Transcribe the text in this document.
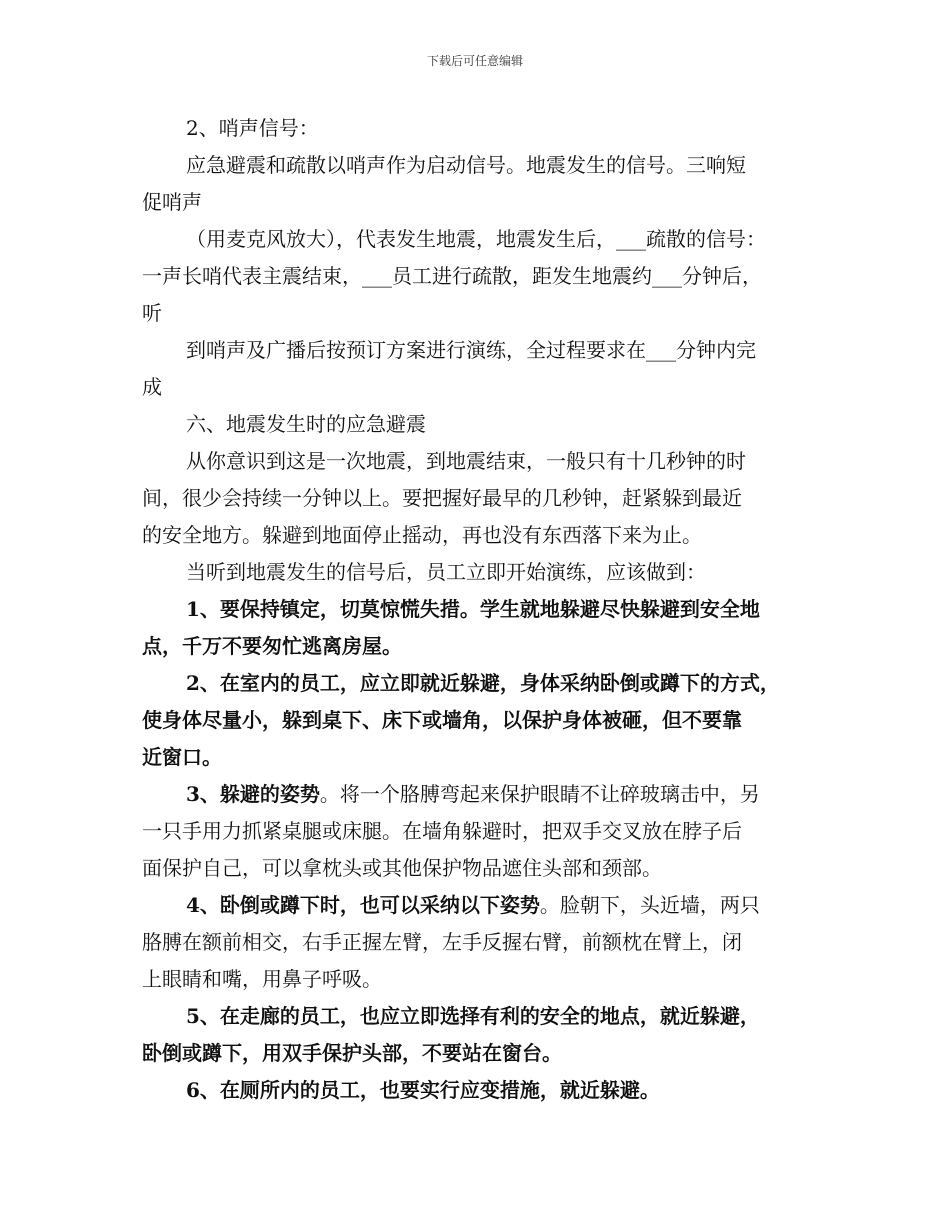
下载后可任意编辑
2、哨声信号：
应急避震和疏散以哨声作为启动信号。地震发生的信号。三响短
促哨声
（用麦克风放大），代表发生地震，地震发生后，___疏散的信号：
一声长哨代表主震结束，___员工进行疏散，距发生地震约___分钟后，
听
到哨声及广播后按预订方案进行演练，全过程要求在___分钟内完
成
六、地震发生时的应急避震
从你意识到这是一次地震，到地震结束，一般只有十几秒钟的时
间，很少会持续一分钟以上。要把握好最早的几秒钟，赶紧躲到最近
的安全地方。躲避到地面停止摇动，再也没有东西落下来为止。
当听到地震发生的信号后，员工立即开始演练，应该做到：
1、要保持镇定，切莫惊慌失措。学生就地躲避尽快躲避到安全地
点，千万不要匆忙逃离房屋。
2、在室内的员工，应立即就近躲避，身体采纳卧倒或蹲下的方式，
使身体尽量小，躲到桌下、床下或墙角，以保护身体被砸，但不要靠
近窗口。
3、躲避的姿势。将一个胳膊弯起来保护眼睛不让碎玻璃击中，另
一只手用力抓紧桌腿或床腿。在墙角躲避时，把双手交叉放在脖子后
面保护自己，可以拿枕头或其他保护物品遮住头部和颈部。
4、卧倒或蹲下时，也可以采纳以下姿势。脸朝下，头近墙，两只
胳膊在额前相交，右手正握左臂，左手反握右臂，前额枕在臂上，闭
上眼睛和嘴，用鼻子呼吸。
5、在走廊的员工，也应立即选择有利的安全的地点，就近躲避，
卧倒或蹲下，用双手保护头部，不要站在窗台。
6、在厕所内的员工，也要实行应变措施，就近躲避。
